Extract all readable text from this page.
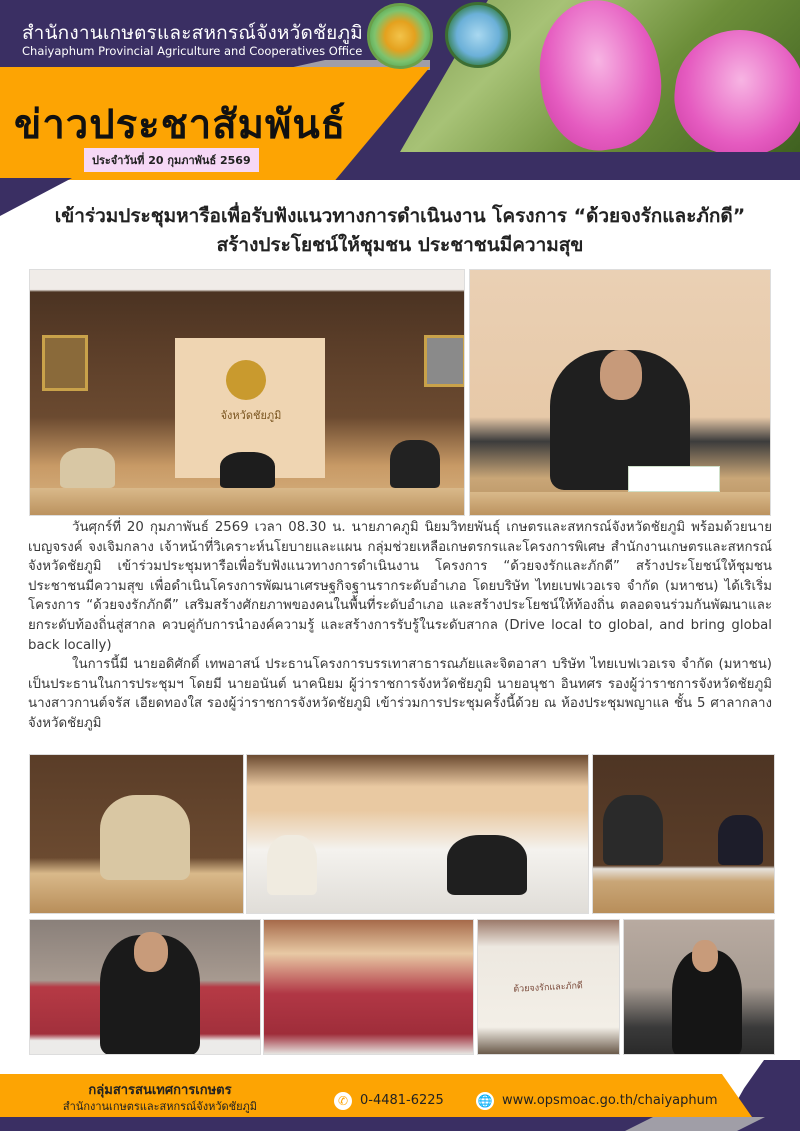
สำนักงานเกษตรและสหกรณ์จังหวัดชัยภูมิ
Chaiyaphum Provincial Agriculture and Cooperatives Office
ข่าวประชาสัมพันธ์
ประจำวันที่ 20 กุมภาพันธ์ 2569
เข้าร่วมประชุมหารือเพื่อรับฟังแนวทางการดำเนินงาน โครงการ “ด้วยจงรักและภักดี”
สร้างประโยชน์ให้ชุมชน ประชาชนมีความสุข
จังหวัดชัยภูมิ

วันศุกร์ที่ 20 กุมภาพันธ์ 2569 เวลา 08.30 น. นายภาคภูมิ นิยมวิทยพันธุ์ เกษตรและสหกรณ์จังหวัดชัยภูมิ พร้อมด้วยนายเบญจรงค์ จงเจิมกลาง เจ้าหน้าที่วิเคราะห์นโยบายและแผน กลุ่มช่วยเหลือเกษตรกรและโครงการพิเศษ สำนักงานเกษตรและสหกรณ์จังหวัดชัยภูมิ เข้าร่วมประชุมหารือเพื่อรับฟังแนวทางการดำเนินงาน โครงการ “ด้วยจงรักและภักดี” สร้างประโยชน์ให้ชุมชน ประชาชนมีความสุข เพื่อดำเนินโครงการพัฒนาเศรษฐกิจฐานรากระดับอำเภอ โดยบริษัท ไทยเบฟเวอเรจ จำกัด (มหาชน) ได้เริเริ่มโครงการ “ด้วยจงรักภักดี” เสริมสร้างศักยภาพของคนในพื้นที่ระดับอำเภอ และสร้างประโยชน์ให้ท้องถิ่น ตลอดจนร่วมกันพัฒนาและยกระดับท้องถิ่นสู่สากล ควบคู่กับการนำองค์ความรู้ และสร้างการรับรู้ในระดับสากล (Drive local to global, and bring global back locally)

ในการนี้มี นายอดิศักดิ์ เทพอาสน์ ประธานโครงการบรรเทาสาธารณภัยและจิตอาสา บริษัท ไทยเบฟเวอเรจ จำกัด (มหาชน) เป็นประธานในการประชุมฯ โดยมี นายอนันต์ นาคนิยม ผู้ว่าราชการจังหวัดชัยภูมิ นายอนุชา อินทศร รองผู้ว่าราชการจังหวัดชัยภูมิ นางสาวกานต์จรัส เอียดทองใส รองผู้ว่าราชการจังหวัดชัยภูมิ เข้าร่วมการประชุมครั้งนี้ด้วย ณ ห้องประชุมพญาแล ชั้น 5 ศาลากลางจังหวัดชัยภูมิ

ด้วยจงรักและภักดี
กลุ่มสารสนเทศการเกษตร
สำนักงานเกษตรและสหกรณ์จังหวัดชัยภูมิ	✆ 0-4481-6225	🌐 www.opsmoac.go.th/chaiyaphum
